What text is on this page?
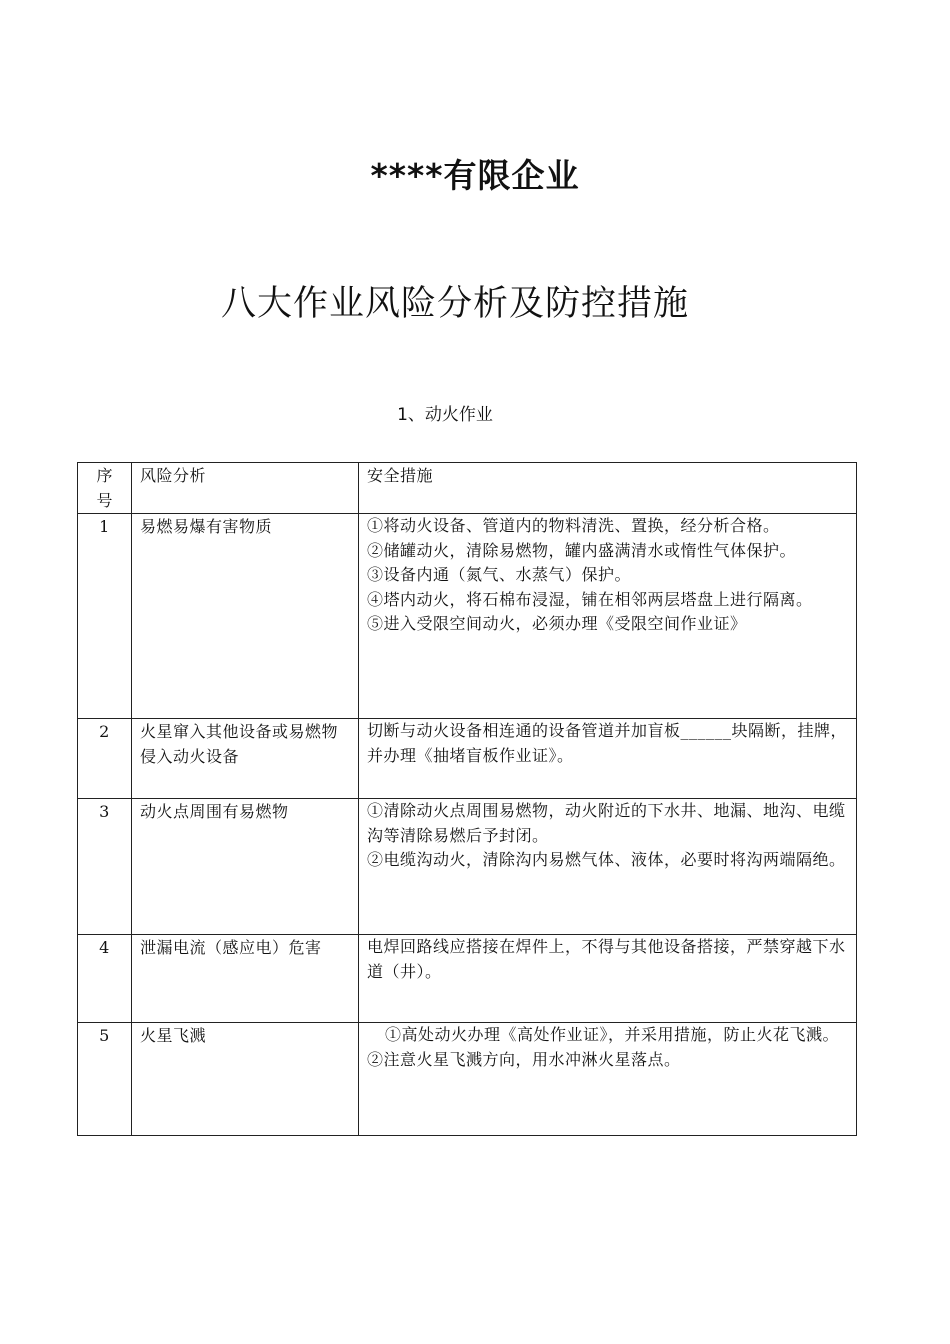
****有限企业
八大作业风险分析及防控措施
1、动火作业
序号	风险分析	安全措施

1	易燃易爆有害物质	①将动火设备、管道内的物料清洗、置换，经分析合格。
②储罐动火，清除易燃物，罐内盛满清水或惰性气体保护。
③设备内通（氮气、水蒸气）保护。
④塔内动火，将石棉布浸湿，铺在相邻两层塔盘上进行隔离。
⑤进入受限空间动火，必须办理《受限空间作业证》

2	火星窜入其他设备或易燃物侵入动火设备	切断与动火设备相连通的设备管道并加盲板______块隔断，挂牌，并办理《抽堵盲板作业证》。

3	动火点周围有易燃物	①清除动火点周围易燃物，动火附近的下水井、地漏、地沟、电缆沟等清除易燃后予封闭。
②电缆沟动火，清除沟内易燃气体、液体，必要时将沟两端隔绝。

4	泄漏电流（感应电）危害	电焊回路线应搭接在焊件上，不得与其他设备搭接，严禁穿越下水道（井）。

5	火星飞溅	①高处动火办理《高处作业证》，并采用措施，防止火花飞溅。
②注意火星飞溅方向，用水冲淋火星落点。
